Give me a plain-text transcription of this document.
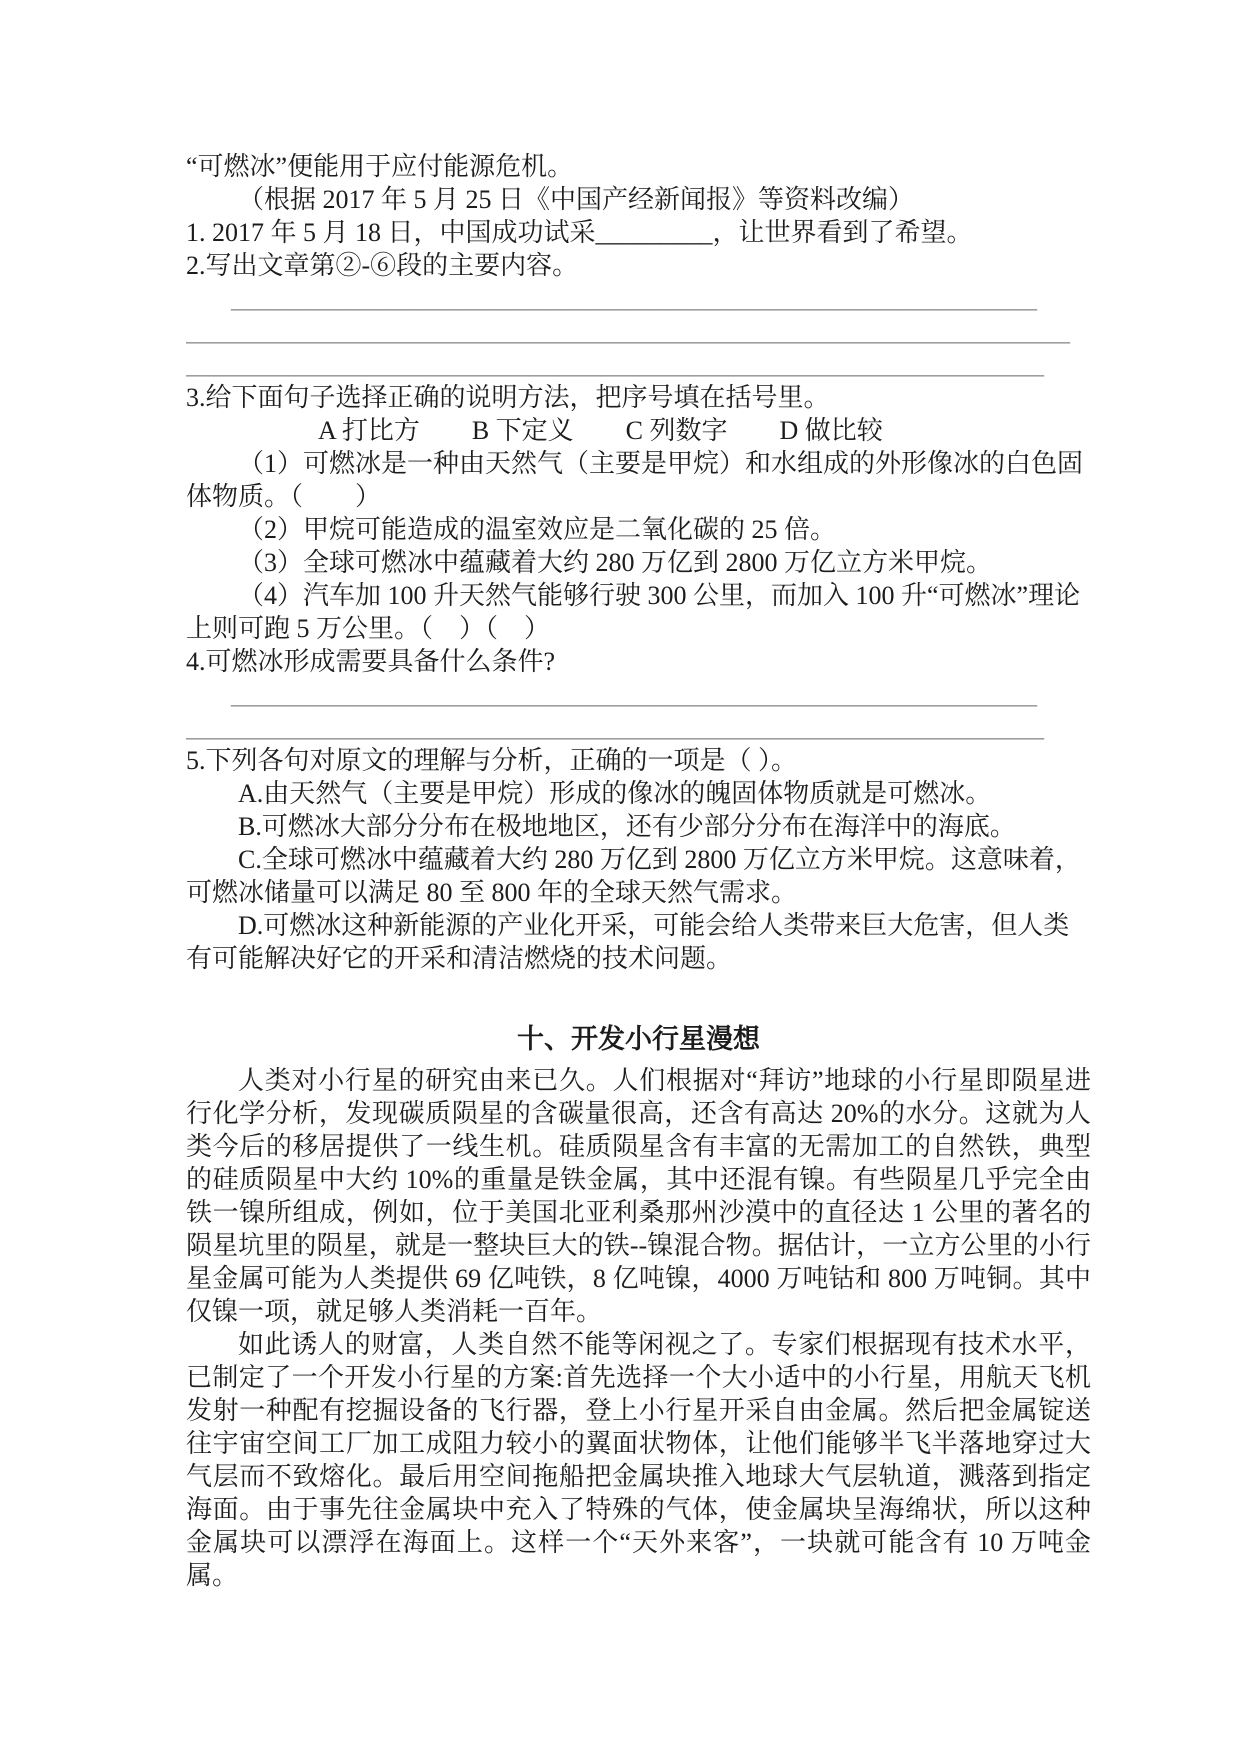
“可燃冰”便能用于应付能源危机。
（根据 2017 年 5 月 25 日《中国产经新闻报》等资料改编）
1. 2017 年 5 月 18 日，中国成功试采_________，让世界看到了希望。
2.写出文章第②-⑥段的主要内容。
______________________________________________________________
____________________________________________________________________
__________________________________________________________________
3.给下面句子选择正确的说明方法，把序号填在括号里。
A 打比方　　B 下定义　　C 列数字　　D 做比较
（1）可燃冰是一种由天然气（主要是甲烷）和水组成的外形像冰的白色固体物质。（　　）
（2）甲烷可能造成的温室效应是二氧化碳的 25 倍。
（3）全球可燃冰中蕴藏着大约 280 万亿到 2800 万亿立方米甲烷。
（4）汽车加 100 升天然气能够行驶 300 公里，而加入 100 升“可燃冰”理论上则可跑 5 万公里。（　）（　）
4.可燃冰形成需要具备什么条件?
______________________________________________________________
__________________________________________________________________
5.下列各句对原文的理解与分析，正确的一项是（ ）。
A.由天然气（主要是甲烷）形成的像冰的魄固体物质就是可燃冰。
B.可燃冰大部分分布在极地地区，还有少部分分布在海洋中的海底。
C.全球可燃冰中蕴藏着大约 280 万亿到 2800 万亿立方米甲烷。这意味着，可燃冰储量可以满足 80 至 800 年的全球天然气需求。
D.可燃冰这种新能源的产业化开采，可能会给人类带来巨大危害，但人类有可能解决好它的开采和清洁燃烧的技术问题。
十、开发小行星漫想

人类对小行星的研究由来已久。人们根据对“拜访”地球的小行星即陨星进行化学分析，发现碳质陨星的含碳量很高，还含有高达 20%的水分。这就为人类今后的移居提供了一线生机。硅质陨星含有丰富的无需加工的自然铁，典型的硅质陨星中大约 10%的重量是铁金属，其中还混有镍。有些陨星几乎完全由铁一镍所组成，例如，位于美国北亚利桑那州沙漠中的直径达 1 公里的著名的陨星坑里的陨星，就是一整块巨大的铁--镍混合物。据估计，一立方公里的小行星金属可能为人类提供 69 亿吨铁，8 亿吨镍，4000 万吨钴和 800 万吨铜。其中仅镍一项，就足够人类消耗一百年。

如此诱人的财富，人类自然不能等闲视之了。专家们根据现有技术水平，已制定了一个开发小行星的方案:首先选择一个大小适中的小行星，用航天飞机发射一种配有挖掘设备的飞行器，登上小行星开采自由金属。然后把金属锭送往宇宙空间工厂加工成阻力较小的翼面状物体，让他们能够半飞半落地穿过大气层而不致熔化。最后用空间拖船把金属块推入地球大气层轨道，溅落到指定海面。由于事先往金属块中充入了特殊的气体，使金属块呈海绵状，所以这种金属块可以漂浮在海面上。这样一个“天外来客”，一块就可能含有 10 万吨金属。
